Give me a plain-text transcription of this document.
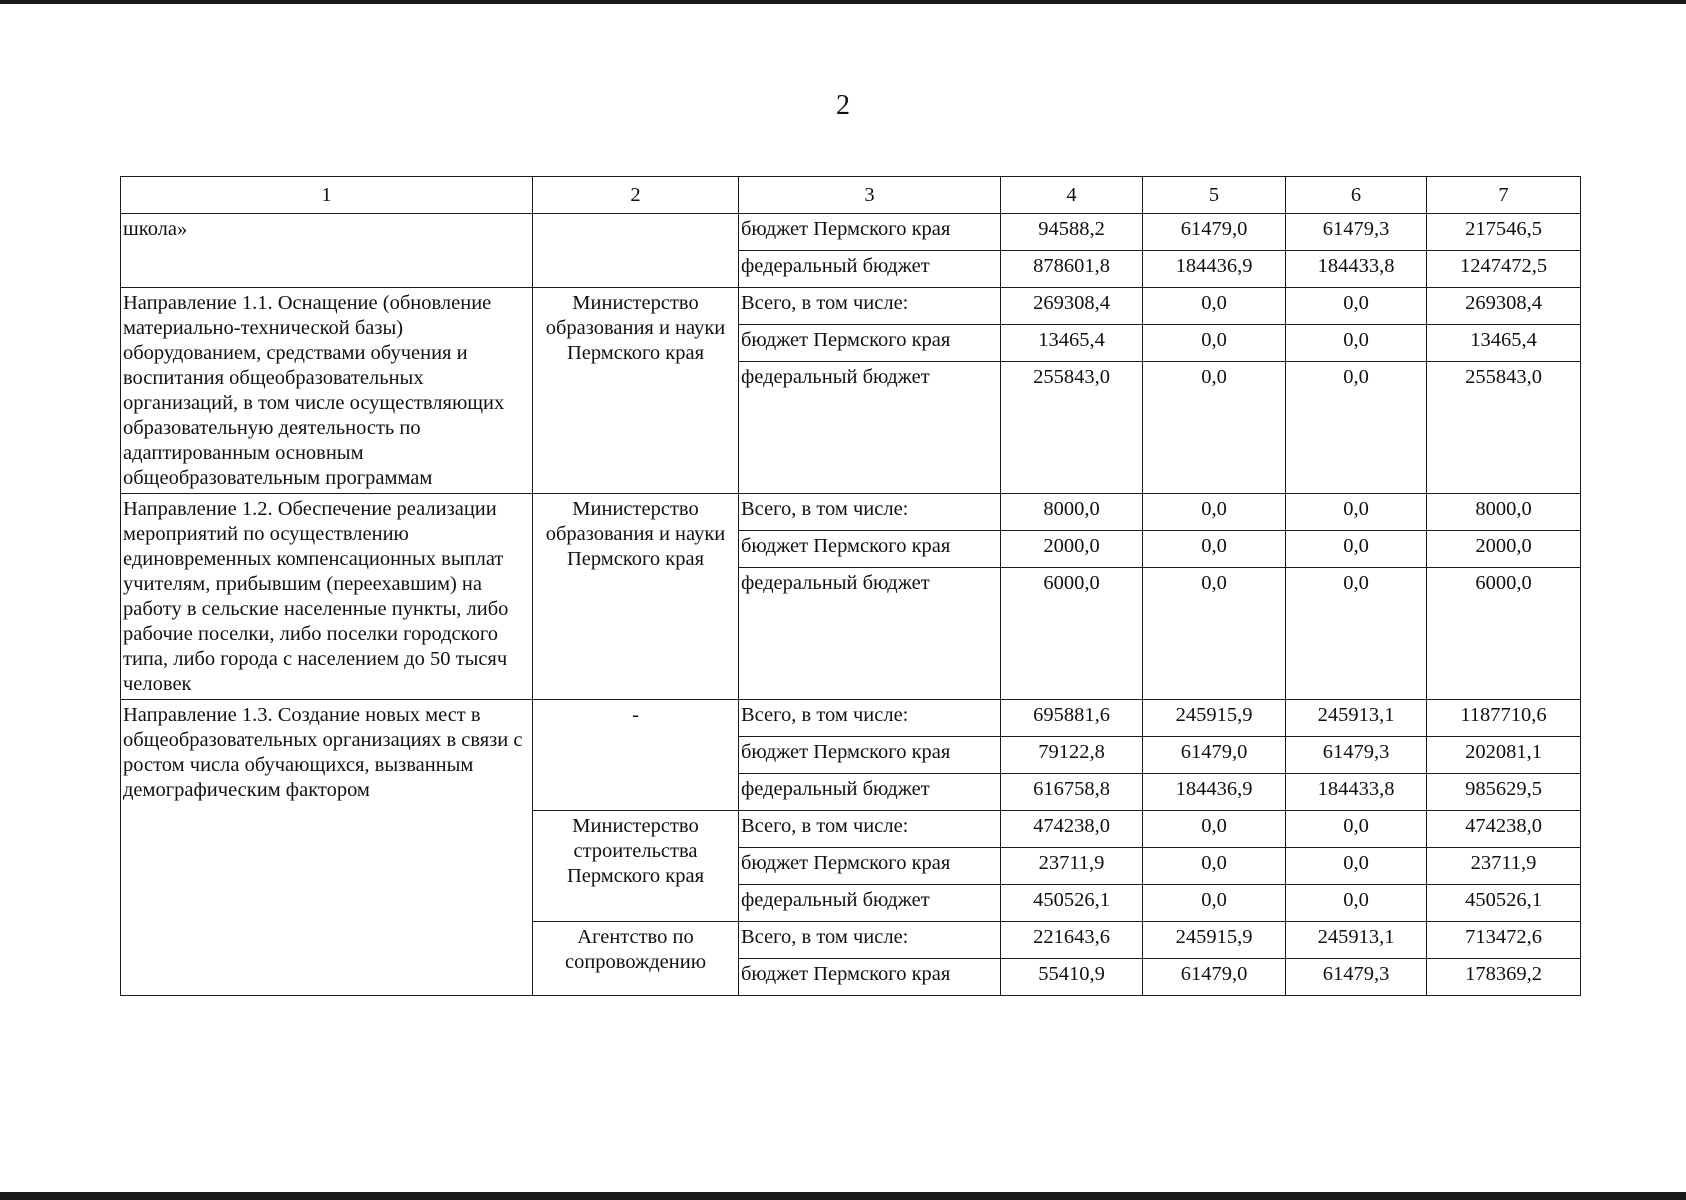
2
1	2	3	4	5	6	7
школа»		бюджет Пермского края	94588,2	61479,0	61479,3	217546,5
		федеральный бюджет	878601,8	184436,9	184433,8	1247472,5
Направление 1.1. Оснащение (обновление материально-технической базы) оборудованием, средствами обучения и воспитания общеобразовательных организаций, в том числе осуществляющих образовательную деятельность по адаптированным основным общеобразовательным программам	Министерство образования и науки Пермского края	Всего, в том числе:	269308,4	0,0	0,0	269308,4
		бюджет Пермского края	13465,4	0,0	0,0	13465,4
		федеральный бюджет	255843,0	0,0	0,0	255843,0
Направление 1.2. Обеспечение реализации мероприятий по осуществлению единовременных компенсационных выплат учителям, прибывшим (переехавшим) на работу в сельские населенные пункты, либо рабочие поселки, либо поселки городского типа, либо города с населением до 50 тысяч человек	Министерство образования и науки Пермского края	Всего, в том числе:	8000,0	0,0	0,0	8000,0
		бюджет Пермского края	2000,0	0,0	0,0	2000,0
		федеральный бюджет	6000,0	0,0	0,0	6000,0
Направление 1.3. Создание новых мест в общеобразовательных организациях в связи с ростом числа обучающихся, вызванным демографическим фактором	-	Всего, в том числе:	695881,6	245915,9	245913,1	1187710,6
		бюджет Пермского края	79122,8	61479,0	61479,3	202081,1
		федеральный бюджет	616758,8	184436,9	184433,8	985629,5
	Министерство строительства Пермского края	Всего, в том числе:	474238,0	0,0	0,0	474238,0
		бюджет Пермского края	23711,9	0,0	0,0	23711,9
		федеральный бюджет	450526,1	0,0	0,0	450526,1
	Агентство по сопровождению	Всего, в том числе:	221643,6	245915,9	245913,1	713472,6
		бюджет Пермского края	55410,9	61479,0	61479,3	178369,2
